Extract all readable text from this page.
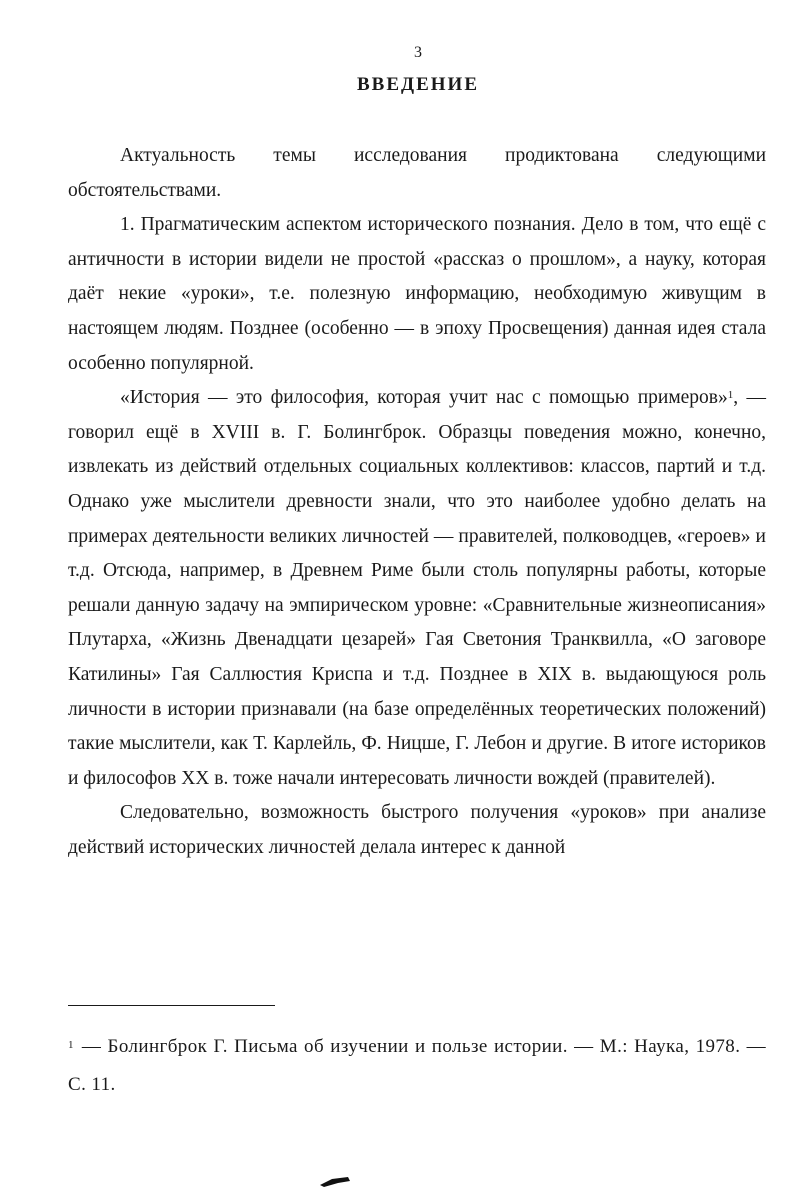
3
ВВЕДЕНИЕ

Актуальность темы исследования продиктована следующими обстоятельствами.

1. Прагматическим аспектом исторического познания. Дело в том, что ещё с античности в истории видели не простой «рассказ о прошлом», а науку, которая даёт некие «уроки», т.е. полезную информацию, необходимую живущим в настоящем людям. Позднее (особенно — в эпоху Просвещения) данная идея стала особенно популярной.

«История — это философия, которая учит нас с помощью примеров»$^1$, — говорил ещё в XVIII в. Г. Болингброк. Образцы поведения можно, конечно, извлекать из действий отдельных социальных коллективов: классов, партий и т.д. Однако уже мыслители древности знали, что это наиболее удобно делать на примерах деятельности великих личностей — правителей, полководцев, «героев» и т.д. Отсюда, например, в Древнем Риме были столь популярны работы, которые решали данную задачу на эмпирическом уровне: «Сравнительные жизнеописания» Плутарха, «Жизнь Двенадцати цезарей» Гая Светония Транквилла, «О заговоре Катилины» Гая Саллюстия Криспа и т.д. Позднее в XIX в. выдающуюся роль личности в истории признавали (на базе определённых теоретических положений) такие мыслители, как Т. Карлейль, Ф. Ницше, Г. Лебон и другие. В итоге историков и философов XX в. тоже начали интересовать личности вождей (правителей).

Следовательно, возможность быстрого получения «уроков» при анализе действий исторических личностей делала интерес к данной

$^1$ — Болингброк Г. Письма об изучении и пользе истории. — М.: Наука, 1978. — С. 11.
